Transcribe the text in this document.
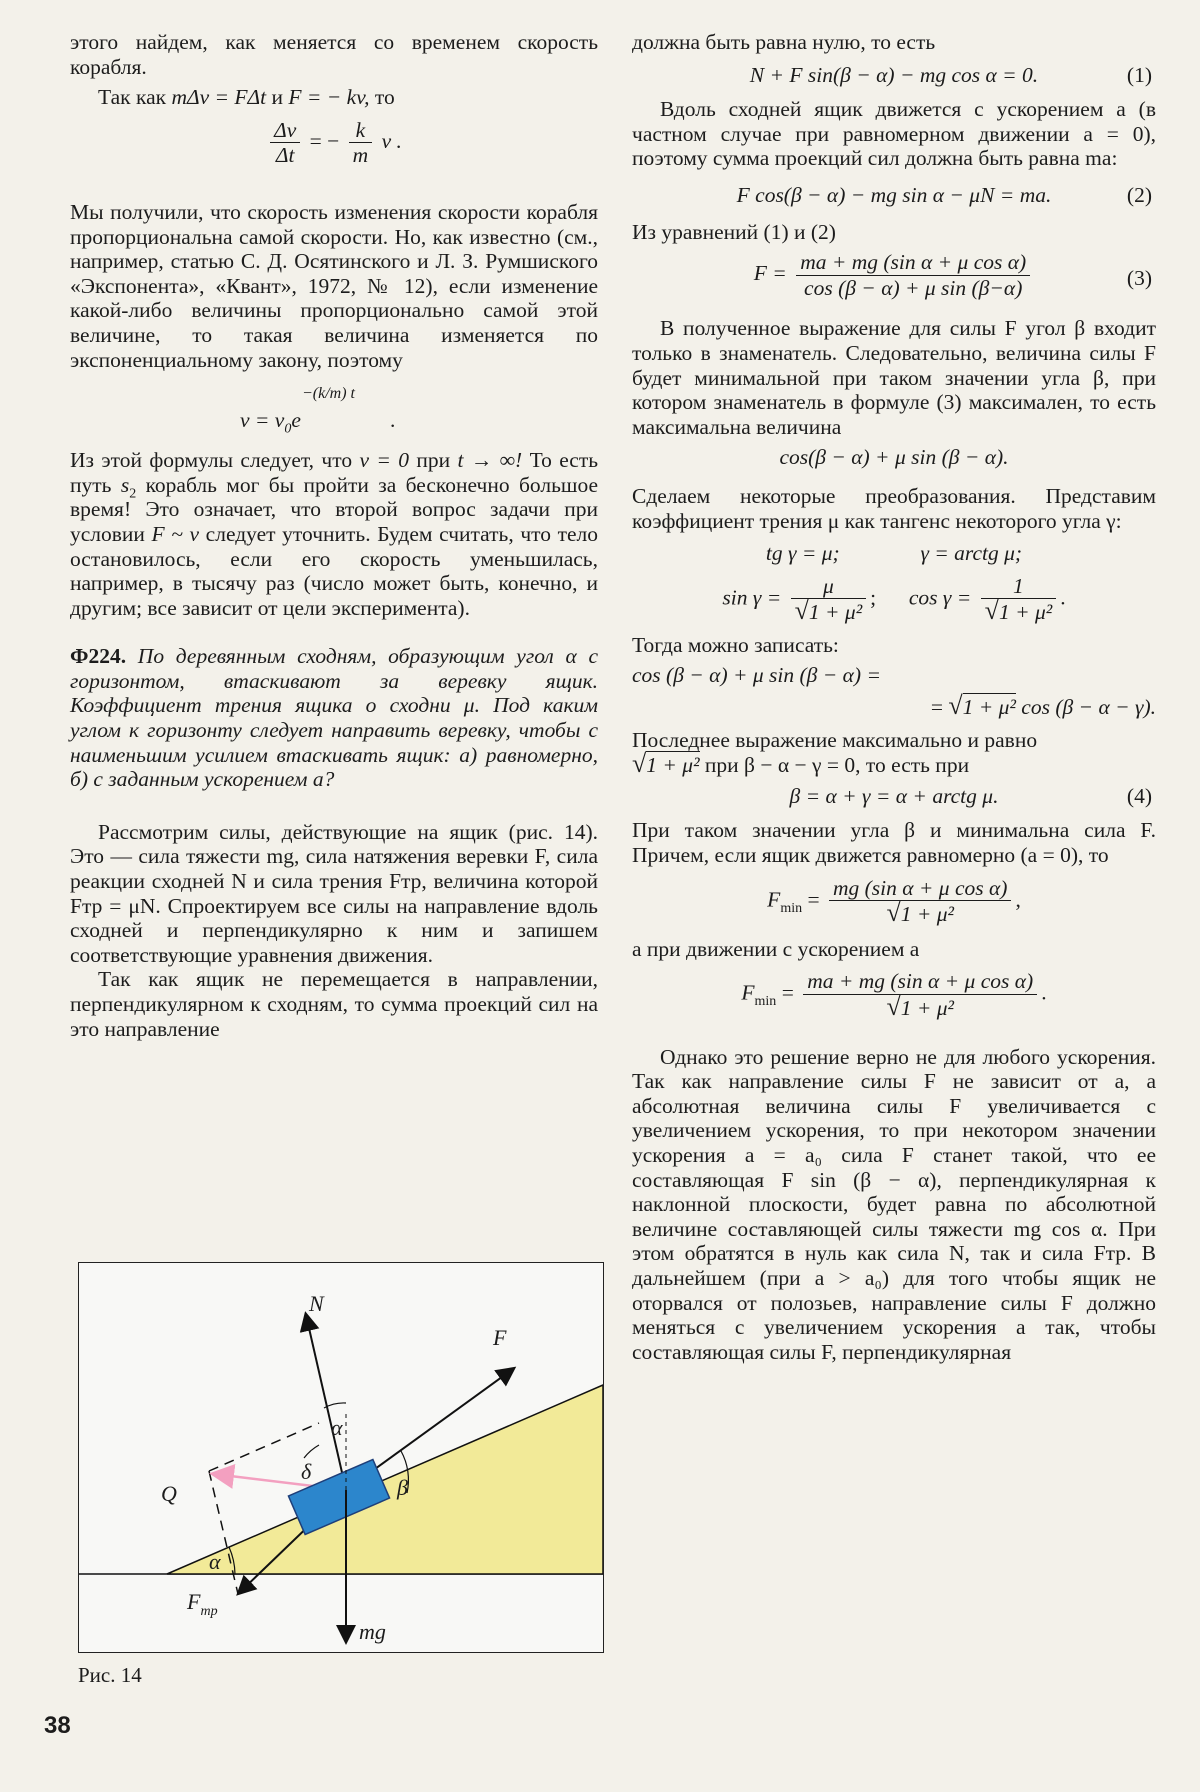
этого найдем, как меняется со временем скорость корабля.

Так как mΔv = FΔt и F = − kv, то

$\frac{\Delta v}{\Delta t}$ = − $\frac{k}{m}$ v .

Мы получили, что скорость изменения скорости корабля пропорциональна самой скорости. Но, как известно (см., например, статью С. Д. Осятинского и Л. З. Румшиского «Экспонента», «Квант», 1972, № 12), если изменение какой-либо величины пропорционально самой этой величине, то такая величина изменяется по экспоненциальному закону, поэтому

$v = v_0e$
−(k/m) t
.

Из этой формулы следует, что v = 0 при t → ∞! То есть путь $s_2$ корабль мог бы пройти за бесконечно большое время! Это означает, что второй вопрос задачи при условии F ~ v следует уточнить. Будем считать, что тело остановилось, если его скорость уменьшилась, например, в тысячу раз (число может быть, конечно, и другим; все зависит от цели эксперимента).

Ф224. По деревянным сходням, образующим угол α с горизонтом, втаскивают за веревку ящик. Коэффициент трения ящика о сходни μ. Под каким углом к горизонту следует направить веревку, чтобы с наименьшим усилием втаскивать ящик: а) равномерно, б) с заданным ускорением a?

Рассмотрим силы, действующие на ящик (рис. 14). Это — сила тяжести mg, сила натяжения веревки F, сила реакции сходней N и сила трения Fтр, величина которой Fтр = μN. Спроектируем все силы на направление вдоль сходней и перпендикулярно к ним и запишем соответствующие уравнения движения.

Так как ящик не перемещается в направлении, перпендикулярном к сходням, то сумма проекций сил на это направление

N
F
Q
α
δ
β
$F_{тр}$
α
mg
Рис. 14

должна быть равна нулю, то есть

N + F sin(β − α) − mg cos α = 0.	(1)

Вдоль сходней ящик движется с ускорением a (в частном случае при равномерном движении a = 0), поэтому сумма проекций сил должна быть равна ma:

F cos(β − α) − mg sin α − μN = ma.	(2)

Из уравнений (1) и (2)

$F = \frac{\text{ma + mg (sin α + μ cos α)}}{\text{cos (β − α) + μ sin (β−α)}}$	(3)

В полученное выражение для силы F угол β входит только в знаменатель. Следовательно, величина силы F будет минимальной при таком значении угла β, при котором знаменатель в формуле (3) максимален, то есть максимальна величина

cos(β − α) + μ sin (β − α).

Сделаем некоторые преобразования. Представим коэффициент трения μ как тангенс некоторого угла γ:

tg γ = μ;	γ = arctg μ;
$\sin \gamma = \frac{\mu}{\text{√1 + μ²}}$ ;  $\cos \gamma = \frac{1}{\text{√1 + μ²}}$ .

Тогда можно записать:

cos (β − α) + μ sin (β − α) =
= √1 + μ² cos (β − α − γ).

Последнее выражение максимально и равно

√1 + μ² при β − α − γ = 0, то есть при

β = α + γ = α + arctg μ.	(4)

При таком значении угла β и минимальна сила F. Причем, если ящик движется равномерно (a = 0), то

$F_{min} = \frac{\text{mg (sin α + μ cos α)}}{\text{√1 + μ²}}$ ,

а при движении с ускорением a

$F_{min} = \frac{\text{ma + mg (sin α + μ cos α)}}{\text{√1 + μ²}}$ .

Однако это решение верно не для любого ускорения. Так как направление силы F не зависит от a, а абсолютная величина силы F увеличивается с увеличением ускорения, то при некотором значении ускорения a = a₀ сила F станет такой, что ее составляющая F sin (β − α), перпендикулярная к наклонной плоскости, будет равна по абсолютной величине составляющей силы тяжести mg cos α. При этом обратятся в нуль как сила N, так и сила Fтр. В дальнейшем (при a > a₀) для того чтобы ящик не оторвался от полозьев, направление силы F должно меняться с увеличением ускорения a так, чтобы составляющая силы F, перпендикулярная

38
